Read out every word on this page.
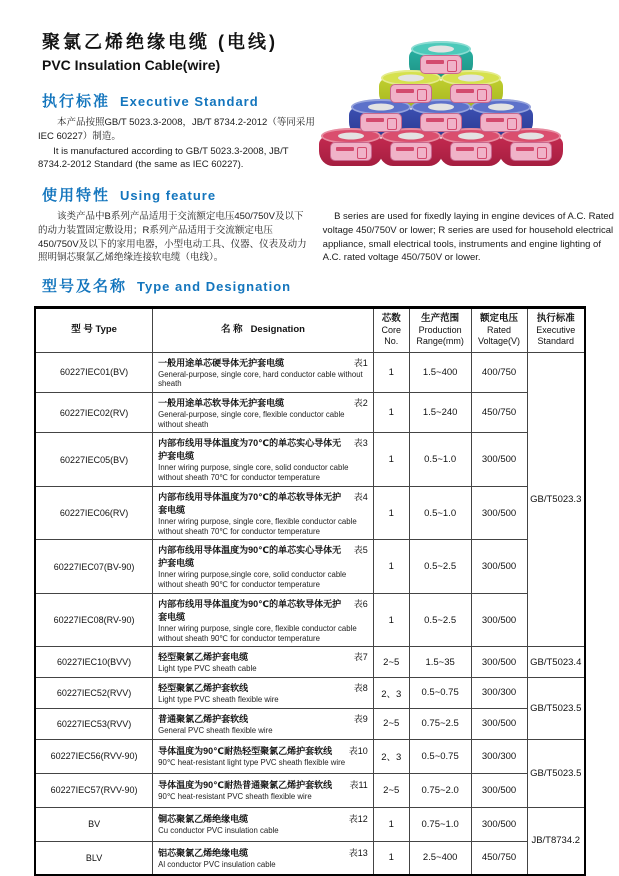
聚氯乙烯绝缘电缆 (电线)
PVC Insulation Cable(wire)
执行标准 Executive Standard

本产品按照GB/T 5023.3-2008，JB/T 8734.2-2012（等同采用 IEC 60227）制造。

It is manufactured according to GB/T 5023.3-2008, JB/T 8734.2-2012 Standard (the same as IEC 60227).

使用特性 Using feature

该类产品中B系列产品适用于交流额定电压450/750V及以下的动力装置固定敷设用；R系列产品适用于交流额定电压450/750V及以下的家用电器，小型电动工具、仪器、仪表及动力照明铜芯聚氯乙烯绝缘连接软电缆（电线）。

B series are used for fixedly laying in engine devices of A.C. Rated voltage 450/750V or lower; R series are used for household electrical appliance, small electrical tools, instruments and engine lighting of A.C. rated voltage 450/750V or lower.

型号及名称 Type and Designation
型 号 Type	名 称 Designation	芯数
Core No.	生产范围
Production
Range(mm)	额定电压
Rated
Voltage(V)	执行标准
Executive
Standard

60227IEC01(BV)	一般用途单芯硬导体无护套电缆 表1
General-purpose, single core, hard conductor cable without sheath	1	1.5~400	400/750	GB/T5023.3
60227IEC02(RV)	一般用途单芯软导体无护套电缆 表2
General-purpose, single core, flexible conductor cable without sheath	1	1.5~240	450/750	
60227IEC05(BV)	内部布线用导体温度为70℃的单芯实心导体无护套电缆
表3
Inner wiring purpose, single core, solid conductor cable without sheath 70℃ for conductor temperature	1	0.5~1.0	300/500	
60227IEC06(RV)	内部布线用导体温度为70℃的单芯软导体无护套电缆
表4
Inner wiring purpose, single core, flexible conductor cable without sheath 70℃ for conductor temperature	1	0.5~1.0	300/500	
60227IEC07(BV-90)	内部布线用导体温度为90℃的单芯实心导体无护套电缆
表5
Inner wiring purpose,single core, solid conductor cable without sheath 90℃ for conductor temperature	1	0.5~2.5	300/500	
60227IEC08(RV-90)	内部布线用导体温度为90℃的单芯软导体无护套电缆
表6
Inner wiring purpose, single core, flexible conductor cable without sheath 90℃ for conductor temperature	1	0.5~2.5	300/500	
60227IEC10(BVV)	轻型聚氯乙烯护套电缆 表7
Light type PVC sheath cable	2~5	1.5~35	300/500	GB/T5023.4
60227IEC52(RVV)	轻型聚氯乙烯护套软线 表8
Light type PVC sheath flexible wire	2、3	0.5~0.75	300/300	GB/T5023.5
60227IEC53(RVV)	普通聚氯乙烯护套软线 表9
General PVC sheath flexible wire	2~5	0.75~2.5	300/500	
60227IEC56(RVV-90)	导体温度为90℃耐热轻型聚氯乙烯护套软线 表10
90℃ heat-resistant light type PVC sheath flexible wire	2、3	0.5~0.75	300/300	GB/T5023.5
60227IEC57(RVV-90)	导体温度为90℃耐热普通聚氯乙烯护套软线 表11
90℃ heat-resistant PVC sheath flexible wire	2~5	0.75~2.0	300/500	
BV	铜芯聚氯乙烯绝缘电缆 表12
Cu conductor PVC insulation cable	1	0.75~1.0	300/500	JB/T8734.2
BLV	铝芯聚氯乙烯绝缘电缆 表13
Al conductor PVC insulation cable	1	2.5~400	450/750	
